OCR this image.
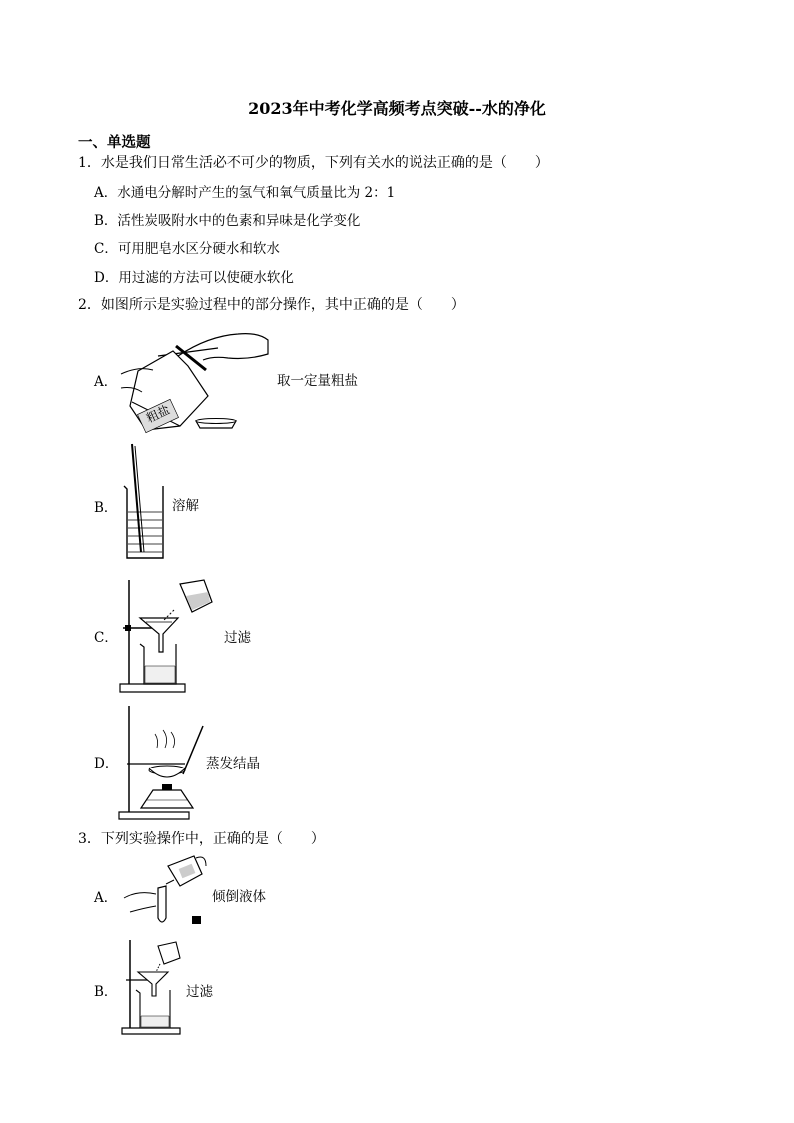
2023年中考化学高频考点突破--水的净化
一、单选题
1．水是我们日常生活必不可少的物质，下列有关水的说法正确的是（　　）
A．水通电分解时产生的氢气和氧气质量比为 2：1
B．活性炭吸附水中的色素和异味是化学变化
C．可用肥皂水区分硬水和软水
D．用过滤的方法可以使硬水软化
2．如图所示是实验过程中的部分操作，其中正确的是（　　）
A．
粗盐
取一定量粗盐
B．	溶解
C．	过滤
D．	蒸发结晶
3．下列实验操作中，正确的是（　　）
A．	倾倒液体
B．	过滤
